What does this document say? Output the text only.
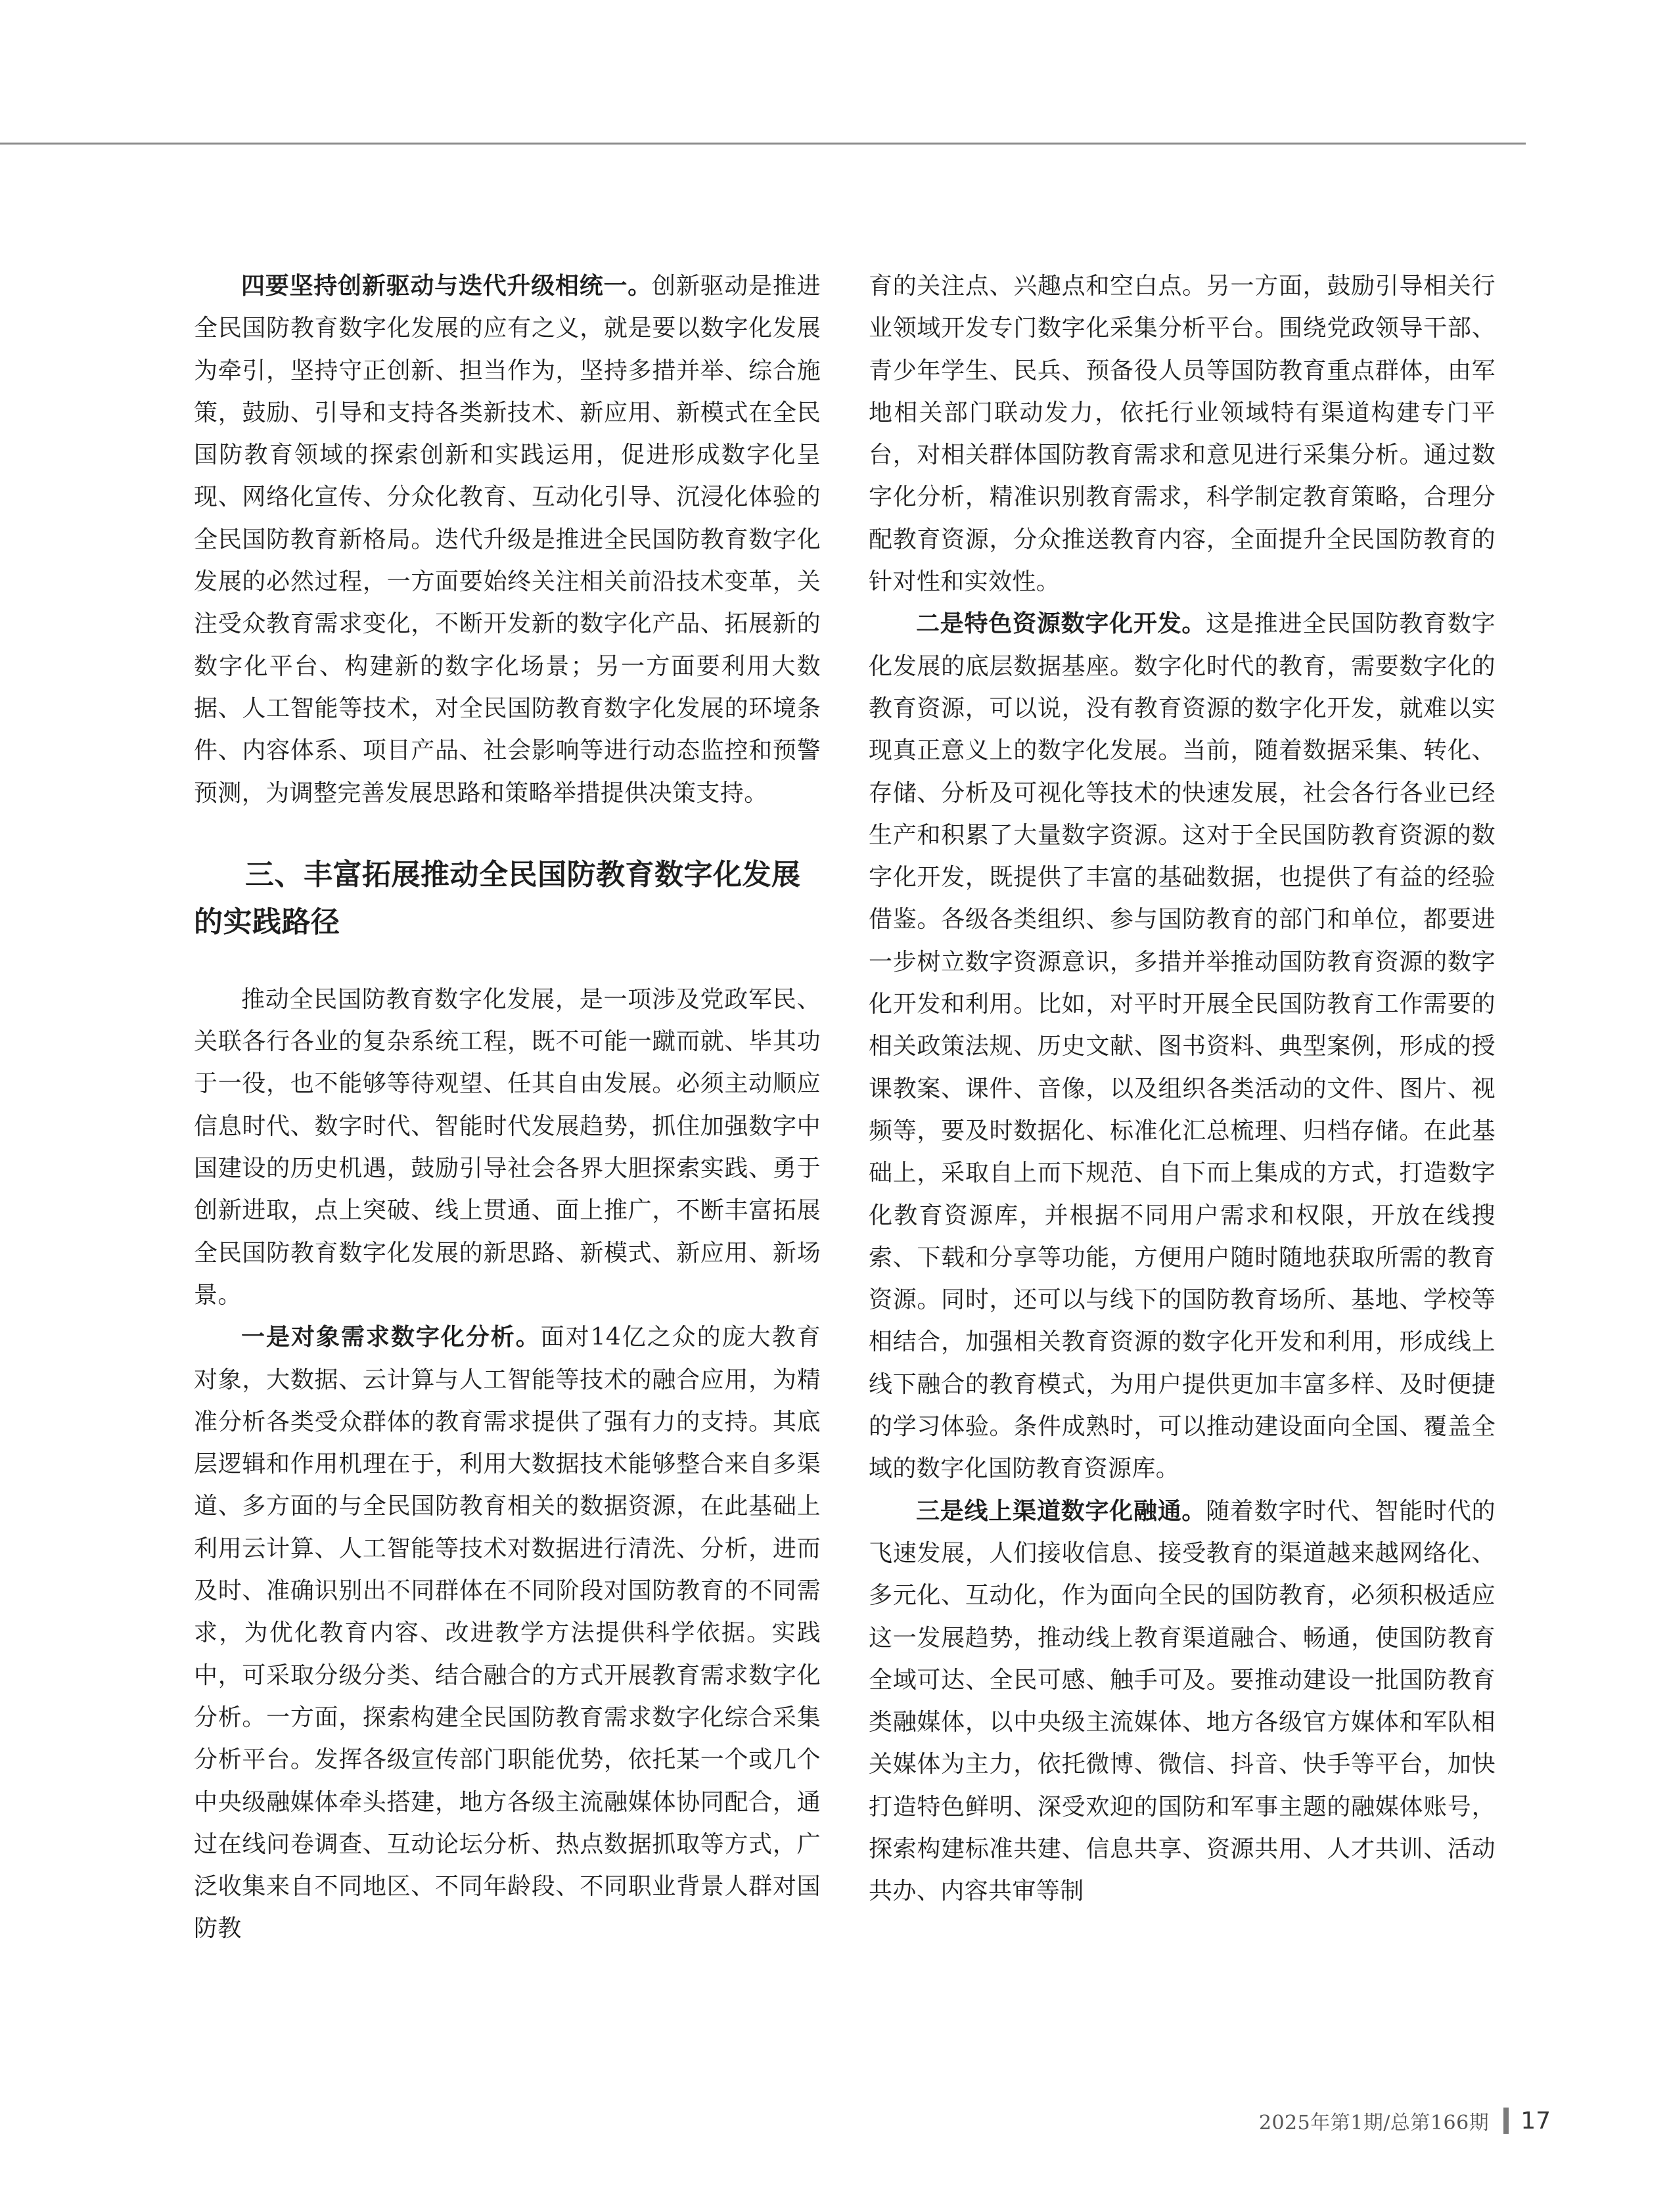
四要坚持创新驱动与迭代升级相统一。创新驱动是推进全民国防教育数字化发展的应有之义，就是要以数字化发展为牵引，坚持守正创新、担当作为，坚持多措并举、综合施策，鼓励、引导和支持各类新技术、新应用、新模式在全民国防教育领域的探索创新和实践运用，促进形成数字化呈现、网络化宣传、分众化教育、互动化引导、沉浸化体验的全民国防教育新格局。迭代升级是推进全民国防教育数字化发展的必然过程，一方面要始终关注相关前沿技术变革，关注受众教育需求变化，不断开发新的数字化产品、拓展新的数字化平台、构建新的数字化场景；另一方面要利用大数据、人工智能等技术，对全民国防教育数字化发展的环境条件、内容体系、项目产品、社会影响等进行动态监控和预警预测，为调整完善发展思路和策略举措提供决策支持。

三、丰富拓展推动全民国防教育数字化发展的实践路径

推动全民国防教育数字化发展，是一项涉及党政军民、关联各行各业的复杂系统工程，既不可能一蹴而就、毕其功于一役，也不能够等待观望、任其自由发展。必须主动顺应信息时代、数字时代、智能时代发展趋势，抓住加强数字中国建设的历史机遇，鼓励引导社会各界大胆探索实践、勇于创新进取，点上突破、线上贯通、面上推广，不断丰富拓展全民国防教育数字化发展的新思路、新模式、新应用、新场景。

一是对象需求数字化分析。面对14亿之众的庞大教育对象，大数据、云计算与人工智能等技术的融合应用，为精准分析各类受众群体的教育需求提供了强有力的支持。其底层逻辑和作用机理在于，利用大数据技术能够整合来自多渠道、多方面的与全民国防教育相关的数据资源，在此基础上利用云计算、人工智能等技术对数据进行清洗、分析，进而及时、准确识别出不同群体在不同阶段对国防教育的不同需求，为优化教育内容、改进教学方法提供科学依据。实践中，可采取分级分类、结合融合的方式开展教育需求数字化分析。一方面，探索构建全民国防教育需求数字化综合采集分析平台。发挥各级宣传部门职能优势，依托某一个或几个中央级融媒体牵头搭建，地方各级主流融媒体协同配合，通过在线问卷调查、互动论坛分析、热点数据抓取等方式，广泛收集来自不同地区、不同年龄段、不同职业背景人群对国防教

育的关注点、兴趣点和空白点。另一方面，鼓励引导相关行业领域开发专门数字化采集分析平台。围绕党政领导干部、青少年学生、民兵、预备役人员等国防教育重点群体，由军地相关部门联动发力，依托行业领域特有渠道构建专门平台，对相关群体国防教育需求和意见进行采集分析。通过数字化分析，精准识别教育需求，科学制定教育策略，合理分配教育资源，分众推送教育内容，全面提升全民国防教育的针对性和实效性。

二是特色资源数字化开发。这是推进全民国防教育数字化发展的底层数据基座。数字化时代的教育，需要数字化的教育资源，可以说，没有教育资源的数字化开发，就难以实现真正意义上的数字化发展。当前，随着数据采集、转化、存储、分析及可视化等技术的快速发展，社会各行各业已经生产和积累了大量数字资源。这对于全民国防教育资源的数字化开发，既提供了丰富的基础数据，也提供了有益的经验借鉴。各级各类组织、参与国防教育的部门和单位，都要进一步树立数字资源意识，多措并举推动国防教育资源的数字化开发和利用。比如，对平时开展全民国防教育工作需要的相关政策法规、历史文献、图书资料、典型案例，形成的授课教案、课件、音像，以及组织各类活动的文件、图片、视频等，要及时数据化、标准化汇总梳理、归档存储。在此基础上，采取自上而下规范、自下而上集成的方式，打造数字化教育资源库，并根据不同用户需求和权限，开放在线搜索、下载和分享等功能，方便用户随时随地获取所需的教育资源。同时，还可以与线下的国防教育场所、基地、学校等相结合，加强相关教育资源的数字化开发和利用，形成线上线下融合的教育模式，为用户提供更加丰富多样、及时便捷的学习体验。条件成熟时，可以推动建设面向全国、覆盖全域的数字化国防教育资源库。

三是线上渠道数字化融通。随着数字时代、智能时代的飞速发展，人们接收信息、接受教育的渠道越来越网络化、多元化、互动化，作为面向全民的国防教育，必须积极适应这一发展趋势，推动线上教育渠道融合、畅通，使国防教育全域可达、全民可感、触手可及。要推动建设一批国防教育类融媒体，以中央级主流媒体、地方各级官方媒体和军队相关媒体为主力，依托微博、微信、抖音、快手等平台，加快打造特色鲜明、深受欢迎的国防和军事主题的融媒体账号，探索构建标准共建、信息共享、资源共用、人才共训、活动共办、内容共审等制

2025年第1期/总第166期 17
